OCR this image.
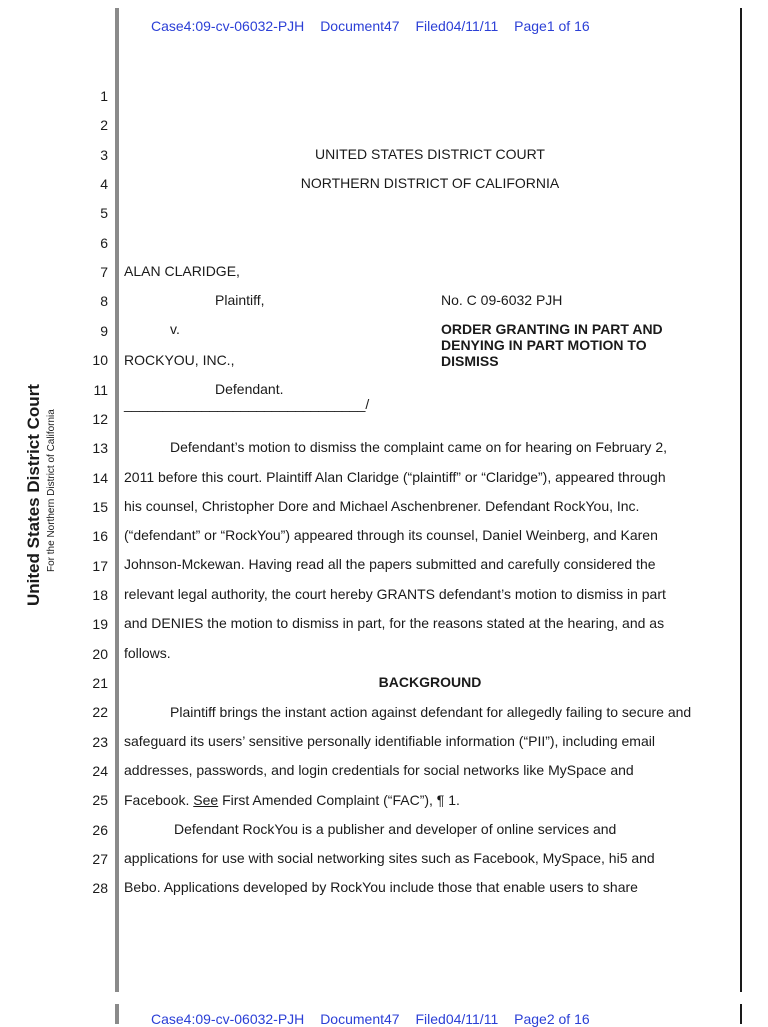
Case4:09-cv-06032-PJH Document47 Filed04/11/11 Page1 of 16
Case4:09-cv-06032-PJH Document47 Filed04/11/11 Page2 of 16
United States District Court For the Northern District of California
1
2
3
4
5
6
7
8
9
10
11
12
13
14
15
16
17
18
19
20
21
22
23
24
25
26
27
28
UNITED STATES DISTRICT COURT
NORTHERN DISTRICT OF CALIFORNIA
ALAN CLARIDGE,
Plaintiff,	No. C 09-6032 PJH
v.	ORDER GRANTING IN PART AND
DENYING IN PART MOTION TO
DISMISS
ROCKYOU, INC.,
Defendant.
_______________________________/
Defendant’s motion to dismiss the complaint came on for hearing on February 2,
2011 before this court. Plaintiff Alan Claridge (“plaintiff” or “Claridge”), appeared through
his counsel, Christopher Dore and Michael Aschenbrener. Defendant RockYou, Inc.
(“defendant” or “RockYou”) appeared through its counsel, Daniel Weinberg, and Karen
Johnson-Mckewan. Having read all the papers submitted and carefully considered the
relevant legal authority, the court hereby GRANTS defendant’s motion to dismiss in part
and DENIES the motion to dismiss in part, for the reasons stated at the hearing, and as
follows.
BACKGROUND
Plaintiff brings the instant action against defendant for allegedly failing to secure and
safeguard its users’ sensitive personally identifiable information (“PII”), including email
addresses, passwords, and login credentials for social networks like MySpace and
Facebook. See First Amended Complaint (“FAC”), ¶ 1.
Defendant RockYou is a publisher and developer of online services and
applications for use with social networking sites such as Facebook, MySpace, hi5 and
Bebo. Applications developed by RockYou include those that enable users to share
